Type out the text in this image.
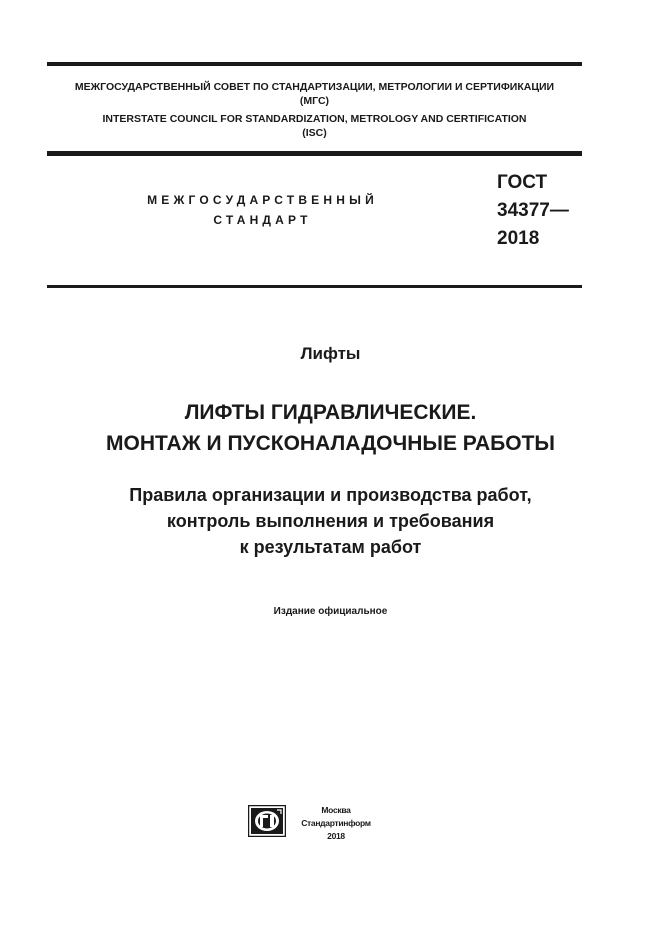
МЕЖГОСУДАРСТВЕННЫЙ СОВЕТ ПО СТАНДАРТИЗАЦИИ, МЕТРОЛОГИИ И СЕРТИФИКАЦИИ
(МГС)
INTERSTATE COUNCIL FOR STANDARDIZATION, METROLOGY AND CERTIFICATION
(ISC)
МЕЖГОСУДАРСТВЕННЫЙ
СТАНДАРТ
ГОСТ
34377—
2018
Лифты
ЛИФТЫ ГИДРАВЛИЧЕСКИЕ.
МОНТАЖ И ПУСКОНАЛАДОЧНЫЕ РАБОТЫ
Правила организации и производства работ,
контроль выполнения и требования
к результатам работ
Издание официальное
Москва
Стандартинформ
2018
